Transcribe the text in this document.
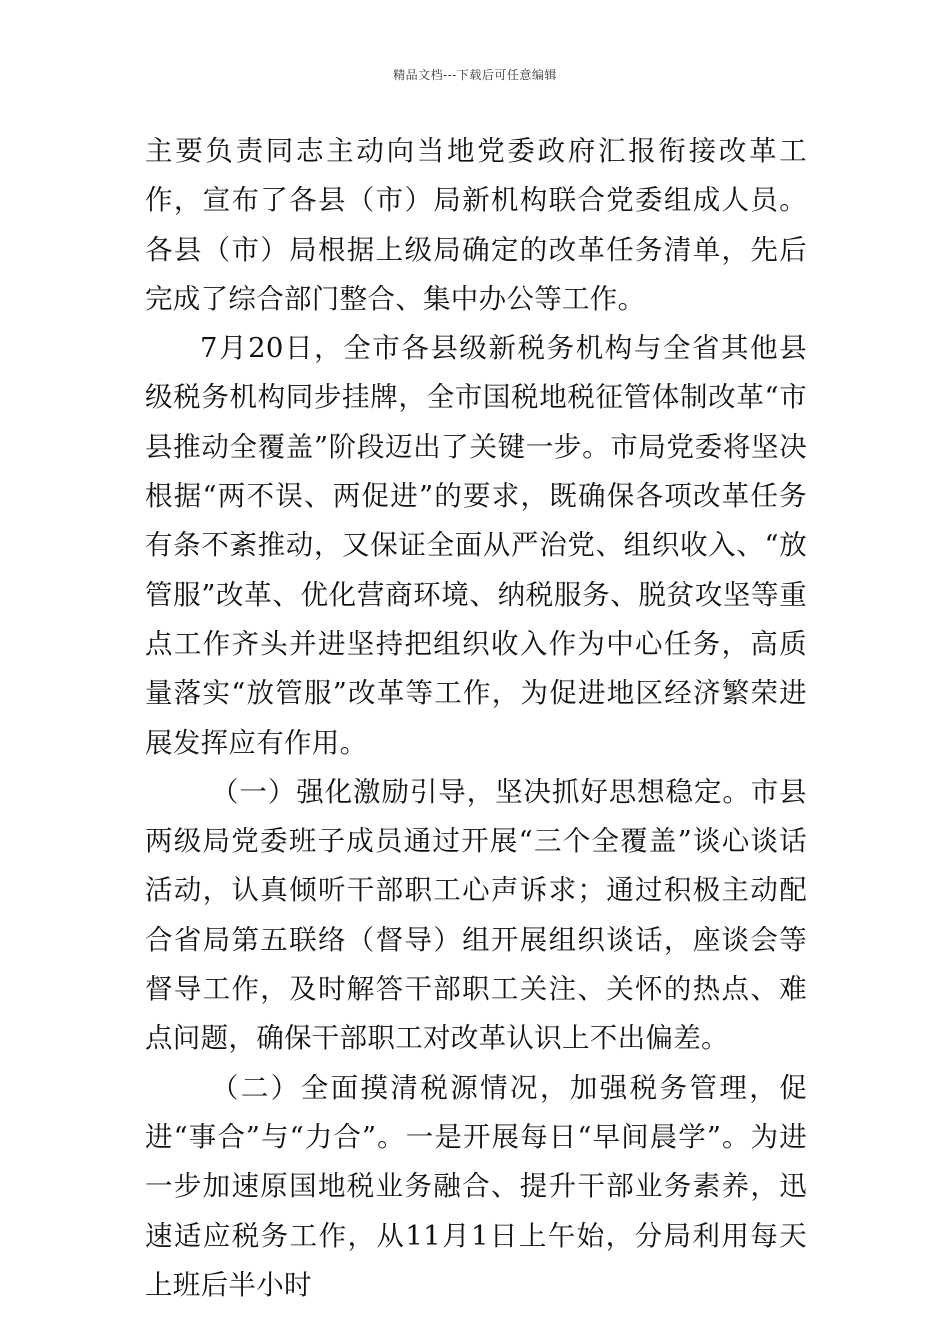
精品文档---下载后可任意编辑

主要负责同志主动向当地党委政府汇报衔接改革工作，宣布了各县（市）局新机构联合党委组成人员。各县（市）局根据上级局确定的改革任务清单，先后完成了综合部门整合、集中办公等工作。

7月20日，全市各县级新税务机构与全省其他县级税务机构同步挂牌，全市国税地税征管体制改革“市县推动全覆盖”阶段迈出了关键一步。市局党委将坚决根据“两不误、两促进”的要求，既确保各项改革任务有条不紊推动，又保证全面从严治党、组织收入、“放管服”改革、优化营商环境、纳税服务、脱贫攻坚等重点工作齐头并进坚持把组织收入作为中心任务，高质量落实“放管服”改革等工作，为促进地区经济繁荣进展发挥应有作用。

（一）强化激励引导，坚决抓好思想稳定。市县两级局党委班子成员通过开展“三个全覆盖”谈心谈话活动，认真倾听干部职工心声诉求；通过积极主动配合省局第五联络（督导）组开展组织谈话，座谈会等督导工作，及时解答干部职工关注、关怀的热点、难点问题，确保干部职工对改革认识上不出偏差。

（二）全面摸清税源情况，加强税务管理，促进“事合”与“力合”。一是开展每日“早间晨学”。为进一步加速原国地税业务融合、提升干部业务素养，迅速适应税务工作，从11月1日上午始，分局利用每天上班后半小时
